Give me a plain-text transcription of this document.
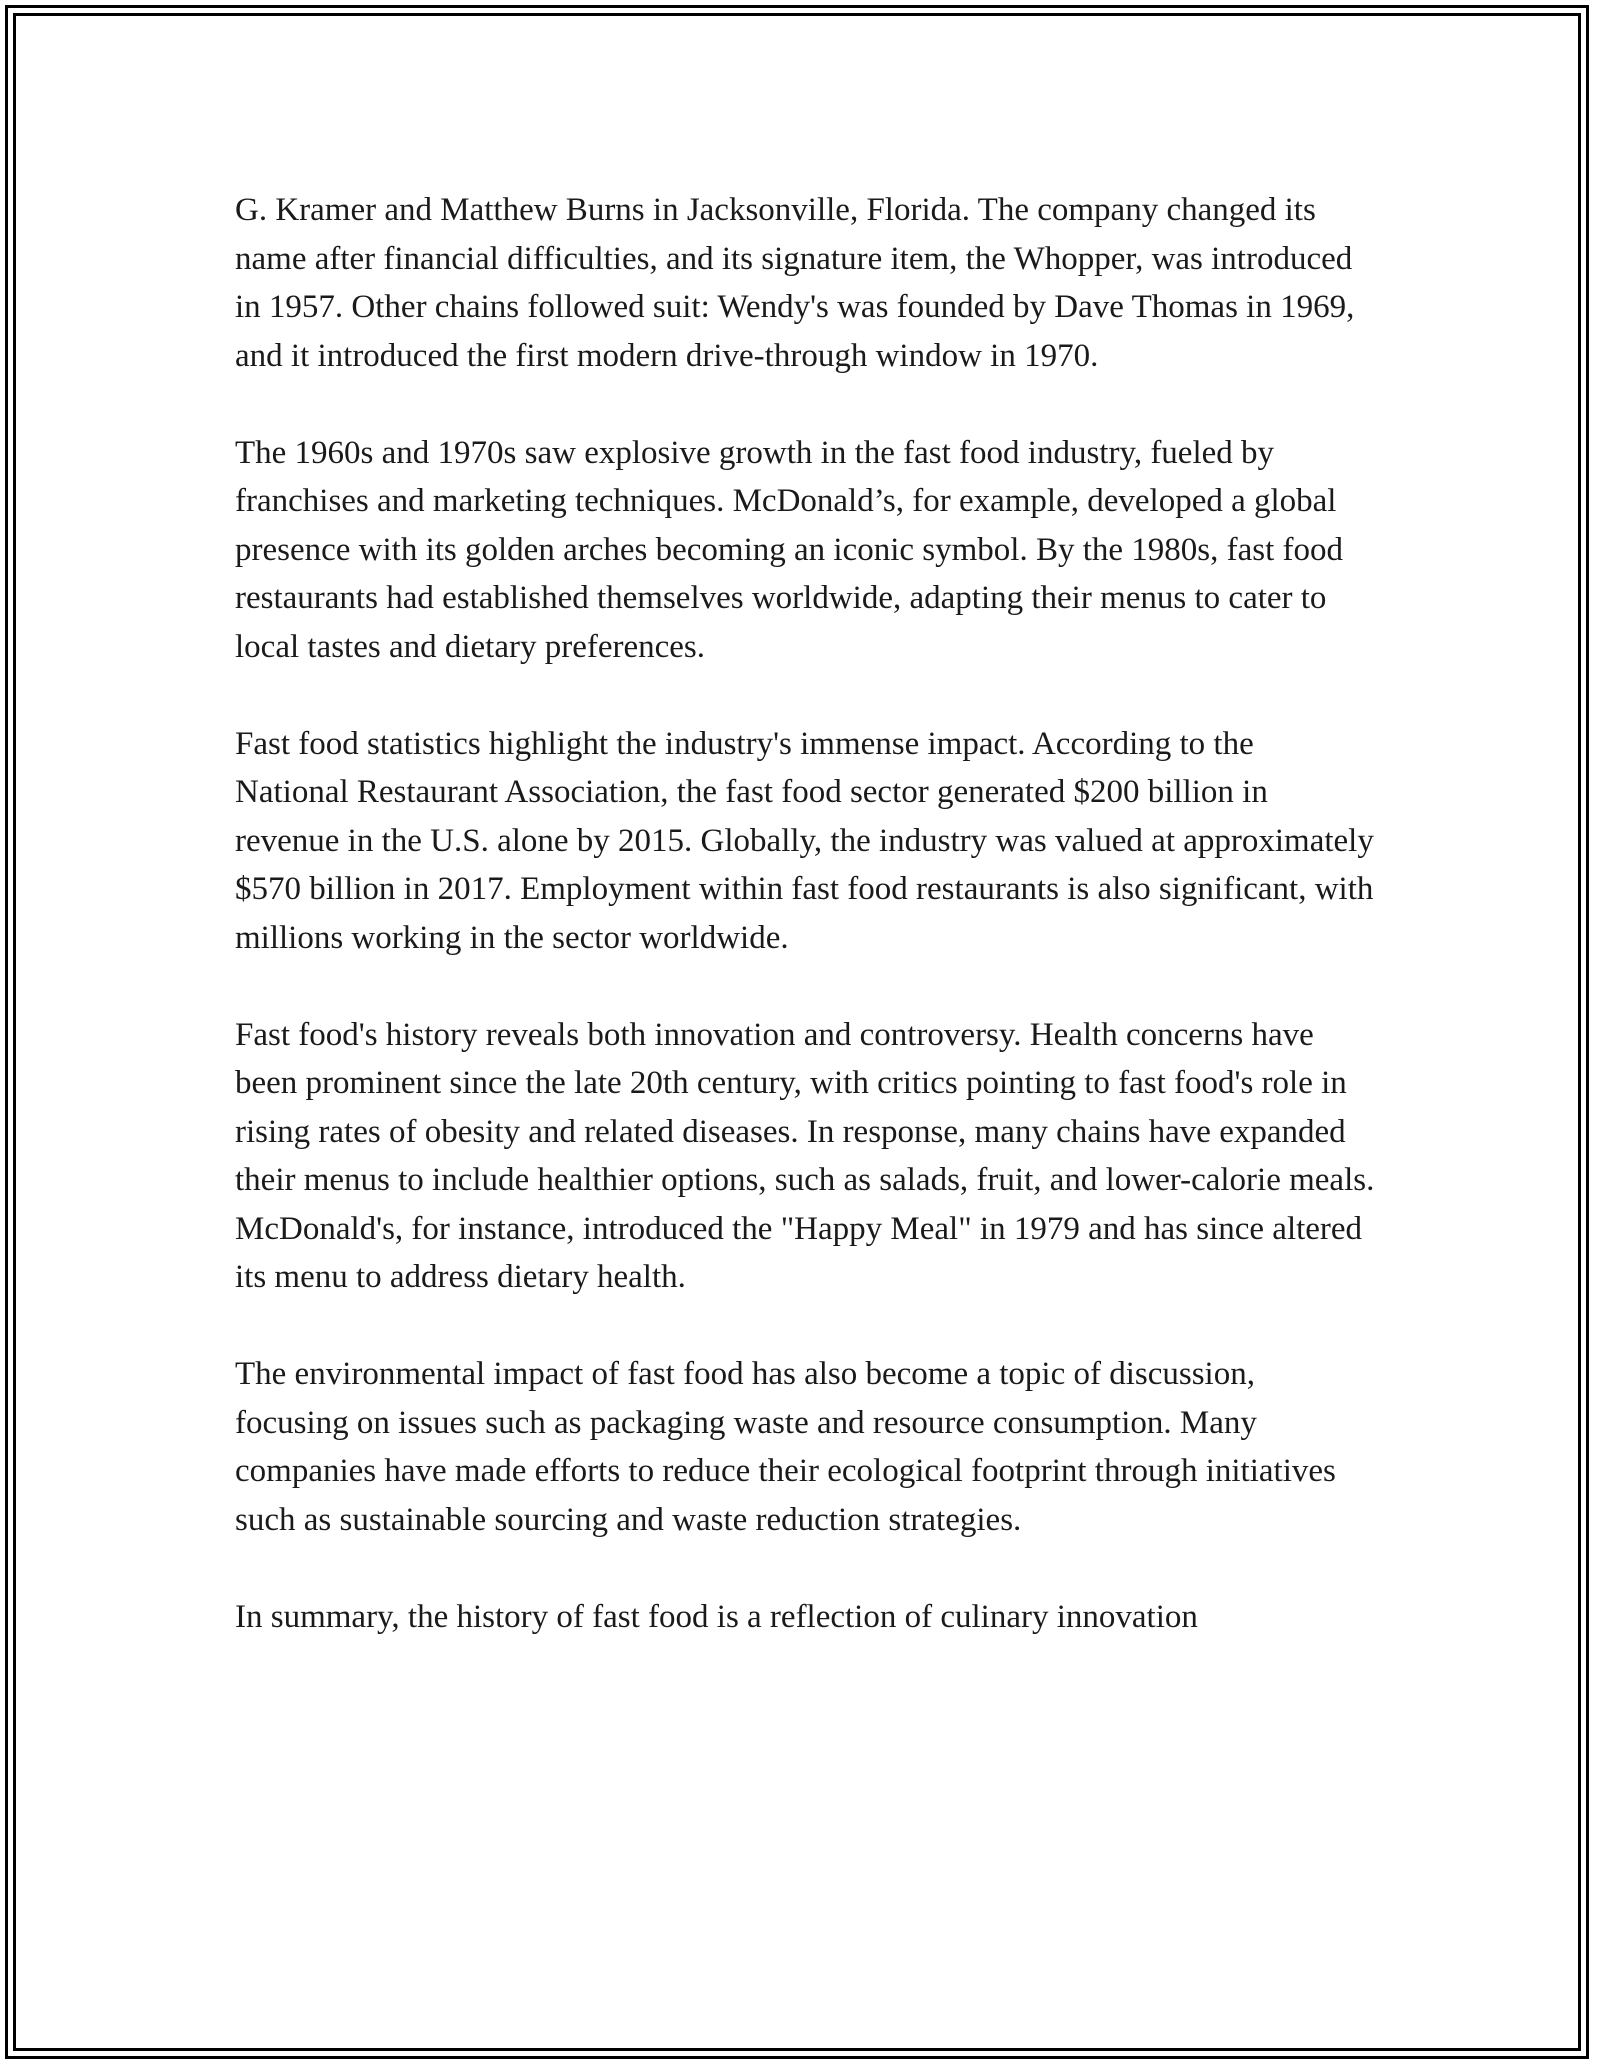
G. Kramer and Matthew Burns in Jacksonville, Florida. The company changed its name after financial difficulties, and its signature item, the Whopper, was introduced in 1957. Other chains followed suit: Wendy's was founded by Dave Thomas in 1969, and it introduced the first modern drive-through window in 1970.

The 1960s and 1970s saw explosive growth in the fast food industry, fueled by franchises and marketing techniques. McDonald’s, for example, developed a global presence with its golden arches becoming an iconic symbol. By the 1980s, fast food restaurants had established themselves worldwide, adapting their menus to cater to local tastes and dietary preferences.

Fast food statistics highlight the industry's immense impact. According to the National Restaurant Association, the fast food sector generated $200 billion in revenue in the U.S. alone by 2015. Globally, the industry was valued at approximately $570 billion in 2017. Employment within fast food restaurants is also significant, with millions working in the sector worldwide.

Fast food's history reveals both innovation and controversy. Health concerns have been prominent since the late 20th century, with critics pointing to fast food's role in rising rates of obesity and related diseases. In response, many chains have expanded their menus to include healthier options, such as salads, fruit, and lower-calorie meals. McDonald's, for instance, introduced the "Happy Meal" in 1979 and has since altered its menu to address dietary health.

The environmental impact of fast food has also become a topic of discussion, focusing on issues such as packaging waste and resource consumption. Many companies have made efforts to reduce their ecological footprint through initiatives such as sustainable sourcing and waste reduction strategies.

In summary, the history of fast food is a reflection of culinary innovation
